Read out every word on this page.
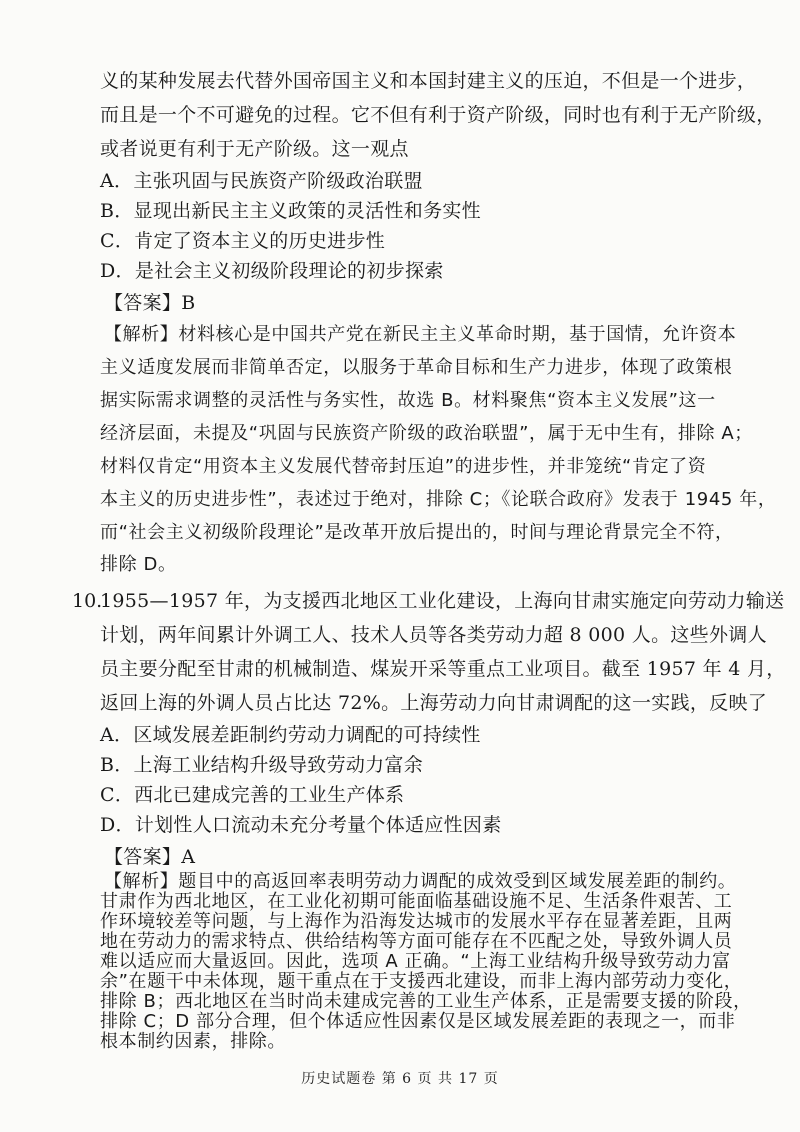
义的某种发展去代替外国帝国主义和本国封建主义的压迫，不但是一个进步，
而且是一个不可避免的过程。它不但有利于资产阶级，同时也有利于无产阶级，
或者说更有利于无产阶级。这一观点
A．主张巩固与民族资产阶级政治联盟
B．显现出新民主主义政策的灵活性和务实性
C．肯定了资本主义的历史进步性
D．是社会主义初级阶段理论的初步探索
【答案】B
【解析】材料核心是中国共产党在新民主主义革命时期，基于国情，允许资本
主义适度发展而非简单否定，以服务于革命目标和生产力进步，体现了政策根
据实际需求调整的灵活性与务实性，故选 B。材料聚焦“资本主义发展”这一
经济层面，未提及“巩固与民族资产阶级的政治联盟”，属于无中生有，排除 A；
材料仅肯定“用资本主义发展代替帝封压迫”的进步性，并非笼统“肯定了资
本主义的历史进步性”，表述过于绝对，排除 C；《论联合政府》发表于 1945 年，
而“社会主义初级阶段理论”是改革开放后提出的，时间与理论背景完全不符，
排除 D。
10.
1955—1957 年，为支援西北地区工业化建设，上海向甘肃实施定向劳动力输送
计划，两年间累计外调工人、技术人员等各类劳动力超 8 000 人。这些外调人
员主要分配至甘肃的机械制造、煤炭开采等重点工业项目。截至 1957 年 4 月，
返回上海的外调人员占比达 72%。上海劳动力向甘肃调配的这一实践，反映了
A．区域发展差距制约劳动力调配的可持续性
B．上海工业结构升级导致劳动力富余
C．西北已建成完善的工业生产体系
D．计划性人口流动未充分考量个体适应性因素
【答案】A
【解析】题目中的高返回率表明劳动力调配的成效受到区域发展差距的制约。
甘肃作为西北地区，在工业化初期可能面临基础设施不足、生活条件艰苦、工
作环境较差等问题，与上海作为沿海发达城市的发展水平存在显著差距，且两
地在劳动力的需求特点、供给结构等方面可能存在不匹配之处，导致外调人员
难以适应而大量返回。因此，选项 A 正确。“上海工业结构升级导致劳动力富
余”在题干中未体现，题干重点在于支援西北建设，而非上海内部劳动力变化，
排除 B；西北地区在当时尚未建成完善的工业生产体系，正是需要支援的阶段，
排除 C；D 部分合理，但个体适应性因素仅是区域发展差距的表现之一，而非
根本制约因素，排除。
历史试题卷 第 6 页 共 17 页
